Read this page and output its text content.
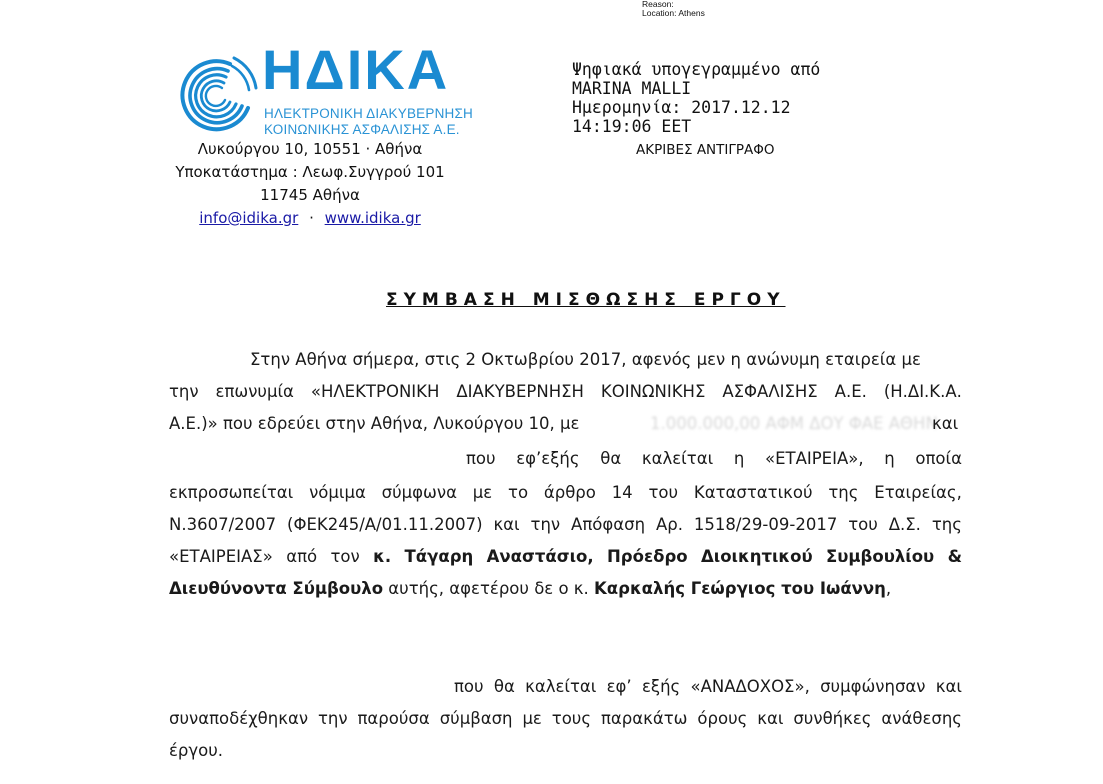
Reason:
Location: Athens
ΗΔΙΚΑ
ΗΛΕΚΤΡΟΝΙΚΗ ΔΙΑΚΥΒΕΡΝΗΣΗ
ΚΟΙΝΩΝΙΚΗΣ ΑΣΦΑΛΙΣΗΣ Α.Ε.
Λυκούργου 10, 10551 · Αθήνα
Υποκατάστημα : Λεωφ.Συγγρού 101
11745 Αθήνα
info@idika.gr · www.idika.gr
Ψηφιακά υπογεγραμμένο από
MARINA MALLI
Ημερομηνία: 2017.12.12
14:19:06 EET
ΑΚΡΙΒΕΣ ΑΝΤΙΓΡΑΦΟ
ΣΥΜΒΑΣΗ ΜΙΣΘΩΣΗΣ ΕΡΓΟΥ
Στην Αθήνα σήμερα, στις 2 Οκτωβρίου 2017, αφενός μεν η ανώνυμη εταιρεία με
την επωνυμία «ΗΛΕΚΤΡΟΝΙΚΗ ΔΙΑΚΥΒΕΡΝΗΣΗ ΚΟΙΝΩΝΙΚΗΣ ΑΣΦΑΛΙΣΗΣ Α.Ε. (Η.ΔΙ.Κ.Α.
Α.Ε.)» που εδρεύει στην Αθήνα, Λυκούργου 10, με	1.000.000,00 ΑΦΜ ΔΟΥ ΦΑΕ ΑΘΗΝ
και
που εφ’εξής θα καλείται η «ΕΤΑΙΡΕΙΑ», η οποία
εκπροσωπείται νόμιμα σύμφωνα με το άρθρο 14 του Καταστατικού της Εταιρείας,
Ν.3607/2007 (ΦΕΚ245/Α/01.11.2007) και την Απόφαση Αρ. 1518/29-09-2017 του Δ.Σ. της
«ΕΤΑΙΡΕΙΑΣ» από τον κ. Τάγαρη Αναστάσιο, Πρόεδρο Διοικητικού Συμβουλίου &
Διευθύνοντα Σύμβουλο αυτής, αφετέρου δε ο κ. Καρκαλής Γεώργιος του Ιωάννη,
που θα καλείται εφ’ εξής «ΑΝΑΔΟΧΟΣ», συμφώνησαν και
συναποδέχθηκαν την παρούσα σύμβαση με τους παρακάτω όρους και συνθήκες ανάθεσης
έργου.
